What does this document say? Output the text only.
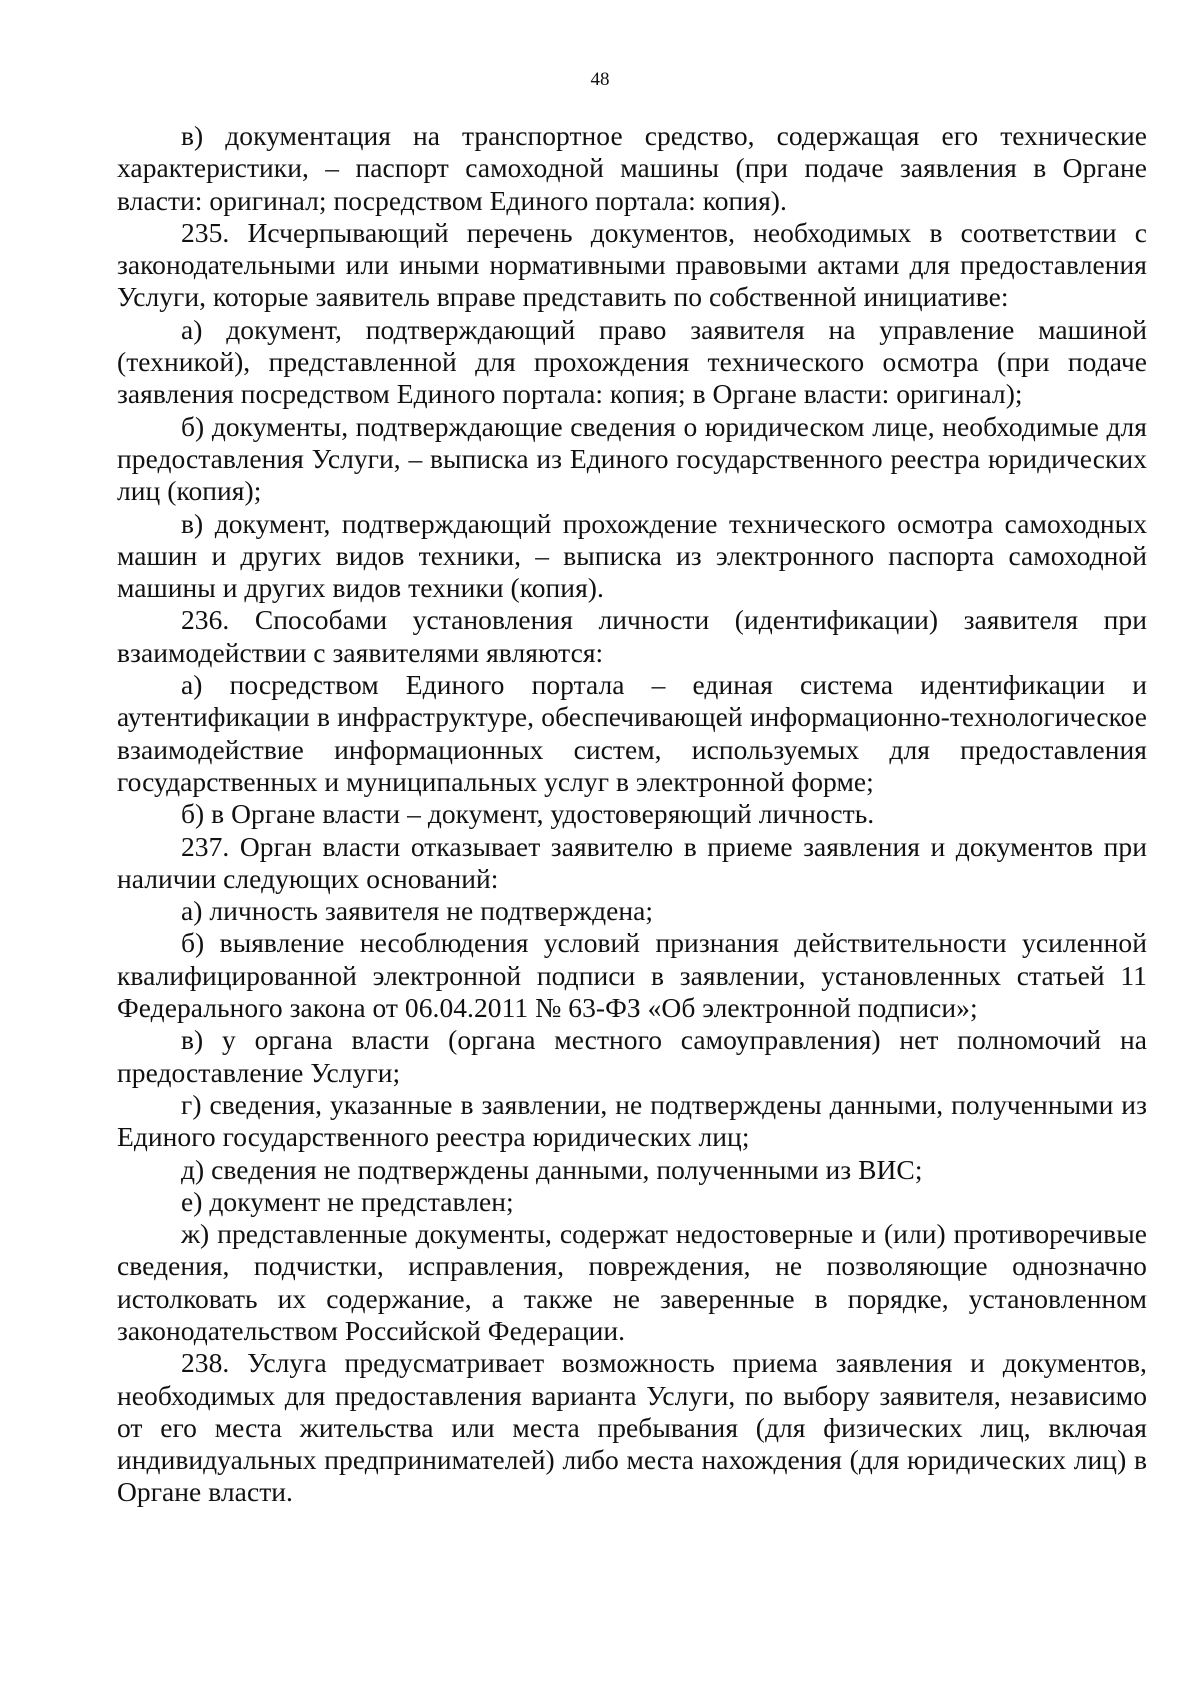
48

в) документация на транспортное средство, содержащая его технические характеристики, – паспорт самоходной машины (при подаче заявления в Органе власти: оригинал; посредством Единого портала: копия).

235. Исчерпывающий перечень документов, необходимых в соответствии с законодательными или иными нормативными правовыми актами для предоставления Услуги, которые заявитель вправе представить по собственной инициативе:

а) документ, подтверждающий право заявителя на управление машиной (техникой), представленной для прохождения технического осмотра (при подаче заявления посредством Единого портала: копия; в Органе власти: оригинал);

б) документы, подтверждающие сведения о юридическом лице, необходимые для предоставления Услуги, – выписка из Единого государственного реестра юридических лиц (копия);

в) документ, подтверждающий прохождение технического осмотра самоходных машин и других видов техники, – выписка из электронного паспорта самоходной машины и других видов техники (копия).

236. Способами установления личности (идентификации) заявителя при взаимодействии с заявителями являются:

а) посредством Единого портала – единая система идентификации и аутентификации в инфраструктуре, обеспечивающей информационно-технологическое взаимодействие информационных систем, используемых для предоставления государственных и муниципальных услуг в электронной форме;

б) в Органе власти – документ, удостоверяющий личность.

237. Орган власти отказывает заявителю в приеме заявления и документов при наличии следующих оснований:

а) личность заявителя не подтверждена;

б) выявление несоблюдения условий признания действительности усиленной квалифицированной электронной подписи в заявлении, установленных статьей 11 Федерального закона от 06.04.2011 № 63-ФЗ «Об электронной подписи»;

в) у органа власти (органа местного самоуправления) нет полномочий на предоставление Услуги;

г) сведения, указанные в заявлении, не подтверждены данными, полученными из Единого государственного реестра юридических лиц;

д) сведения не подтверждены данными, полученными из ВИС;

е) документ не представлен;

ж) представленные документы, содержат недостоверные и (или) противоречивые сведения, подчистки, исправления, повреждения, не позволяющие однозначно истолковать их содержание, а также не заверенные в порядке, установленном законодательством Российской Федерации.

238. Услуга предусматривает возможность приема заявления и документов, необходимых для предоставления варианта Услуги, по выбору заявителя, независимо от его места жительства или места пребывания (для физических лиц, включая индивидуальных предпринимателей) либо места нахождения (для юридических лиц) в Органе власти.
